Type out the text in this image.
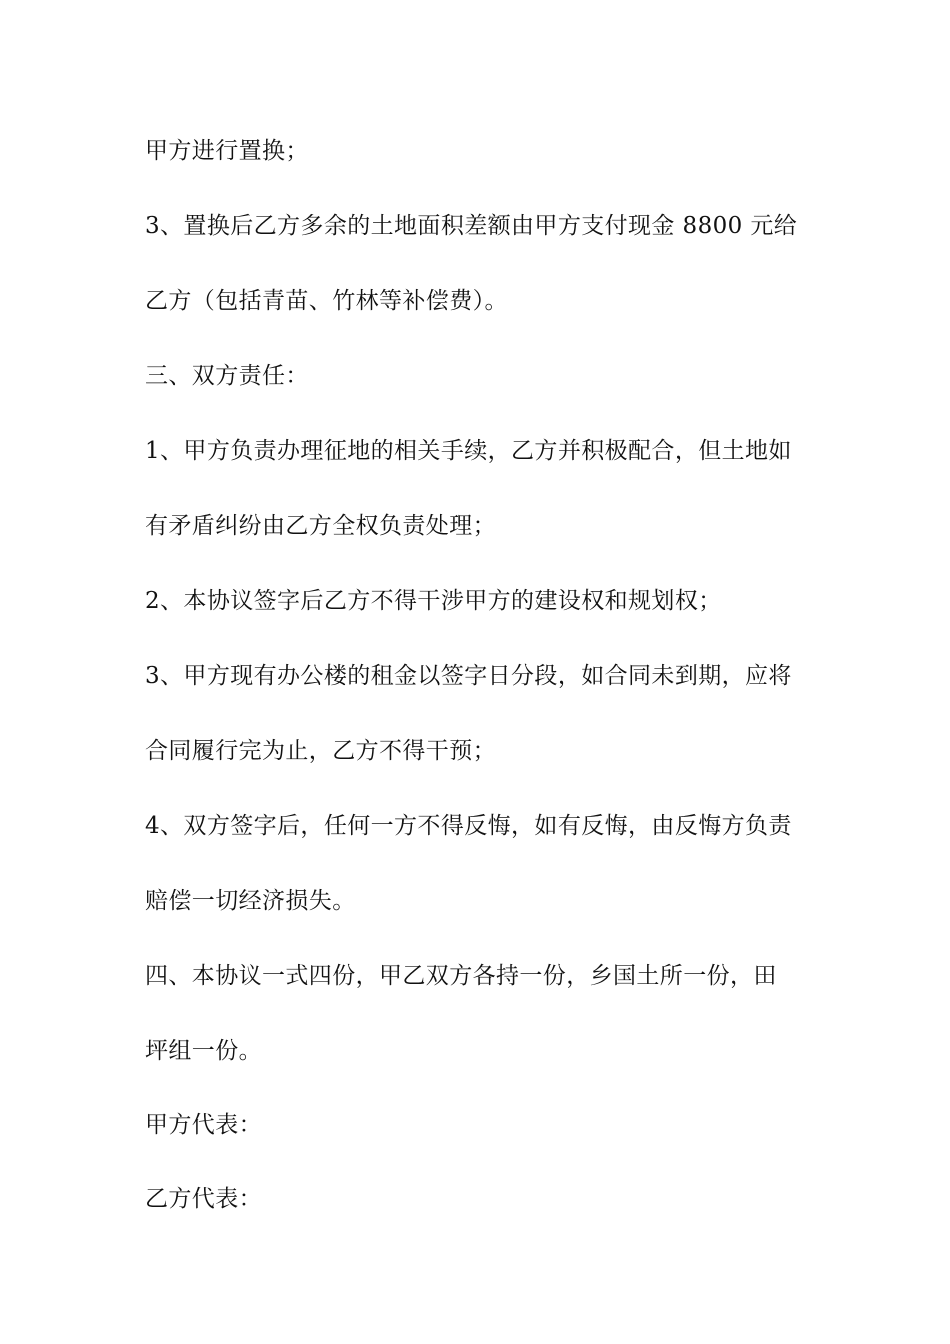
甲方进行置换；
3、置换后乙方多余的土地面积差额由甲方支付现金 8800 元给
乙方（包括青苗、竹林等补偿费）。
三、双方责任：
1、甲方负责办理征地的相关手续，乙方并积极配合，但土地如
有矛盾纠纷由乙方全权负责处理；
2、本协议签字后乙方不得干涉甲方的建设权和规划权；
3、甲方现有办公楼的租金以签字日分段，如合同未到期，应将
合同履行完为止，乙方不得干预；
4、双方签字后，任何一方不得反悔，如有反悔，由反悔方负责
赔偿一切经济损失。
四、本协议一式四份，甲乙双方各持一份，乡国土所一份，田
坪组一份。
甲方代表：
乙方代表：
